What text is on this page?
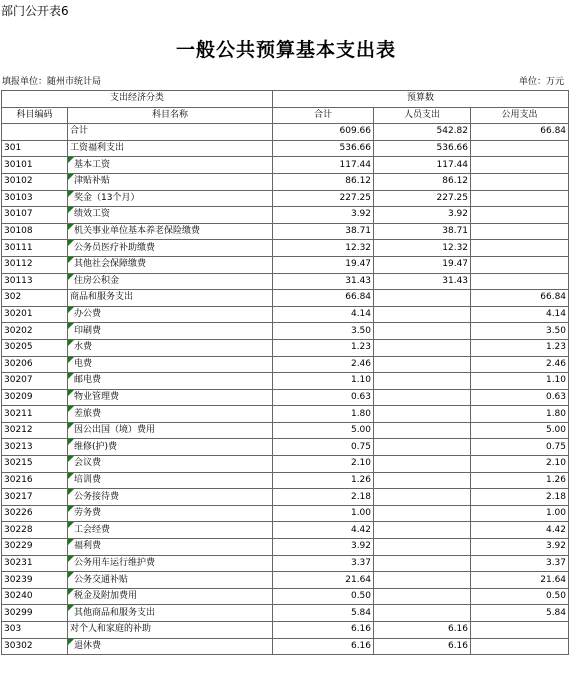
部门公开表6
一般公共预算基本支出表
填报单位：随州市统计局	单位：万元
支出经济分类		预算数		
科目编码	科目名称	合计	人员支出	公用支出
	合计	609.66	542.82	66.84
301	工资福利支出	536.66	536.66	
30101	基本工资	117.44	117.44	
30102	津贴补贴	86.12	86.12	
30103	奖金（13个月）	227.25	227.25	
30107	绩效工资	3.92	3.92	
30108	机关事业单位基本养老保险缴费	38.71	38.71	
30111	公务员医疗补助缴费	12.32	12.32	
30112	其他社会保障缴费	19.47	19.47	
30113	住房公积金	31.43	31.43	
302	商品和服务支出	66.84		66.84
30201	办公费	4.14		4.14
30202	印刷费	3.50		3.50
30205	水费	1.23		1.23
30206	电费	2.46		2.46
30207	邮电费	1.10		1.10
30209	物业管理费	0.63		0.63
30211	差旅费	1.80		1.80
30212	因公出国（境）费用	5.00		5.00
30213	维修(护)费	0.75		0.75
30215	会议费	2.10		2.10
30216	培训费	1.26		1.26
30217	公务接待费	2.18		2.18
30226	劳务费	1.00		1.00
30228	工会经费	4.42		4.42
30229	福利费	3.92		3.92
30231	公务用车运行维护费	3.37		3.37
30239	公务交通补贴	21.64		21.64
30240	税金及附加费用	0.50		0.50
30299	其他商品和服务支出	5.84		5.84
303	对个人和家庭的补助	6.16	6.16	
30302	退休费	6.16	6.16	
